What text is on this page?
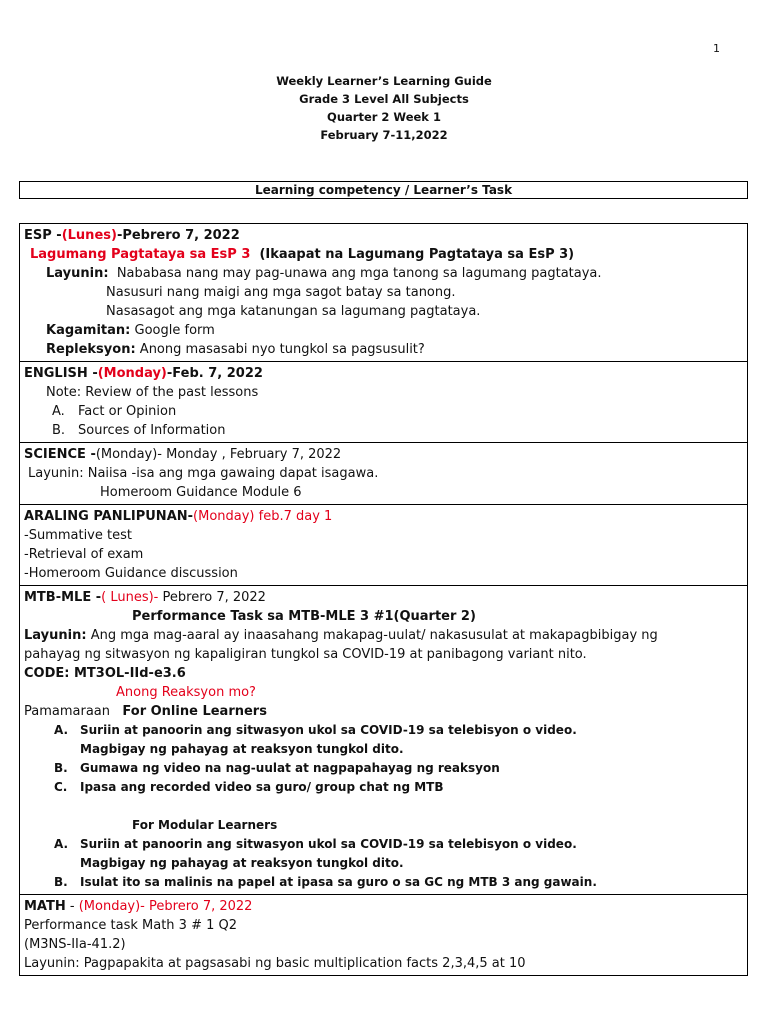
1
Weekly Learner’s Learning Guide
Grade 3 Level All Subjects
Quarter 2 Week 1
February 7-11,2022
Learning competency / Learner’s Task
ESP -(Lunes)-Pebrero 7, 2022
Lagumang Pagtataya sa EsP 3 (Ikaapat na Lagumang Pagtataya sa EsP 3)
Layunin: Nababasa nang may pag-unawa ang mga tanong sa lagumang pagtataya.
Nasusuri nang maigi ang mga sagot batay sa tanong.
Nasasagot ang mga katanungan sa lagumang pagtataya.
Kagamitan: Google form
Repleksyon: Anong masasabi nyo tungkol sa pagsusulit?

ENGLISH -(Monday)-Feb. 7, 2022
Note: Review of the past lessons
A. Fact or Opinion
B. Sources of Information

SCIENCE -(Monday)- Monday , February 7, 2022
Layunin: Naiisa -isa ang mga gawaing dapat isagawa.
Homeroom Guidance Module 6

ARALING PANLIPUNAN-(Monday) feb.7 day 1
-Summative test
-Retrieval of exam
-Homeroom Guidance discussion

MTB-MLE -( Lunes)- Pebrero 7, 2022
Performance Task sa MTB-MLE 3 #1(Quarter 2)
Layunin: Ang mga mag-aaral ay inaasahang makapag-uulat/ nakasusulat at makapagbibigay ng
pahayag ng sitwasyon ng kapaligiran tungkol sa COVID-19 at panibagong variant nito.
CODE: MT3OL-IId-e3.6
Anong Reaksyon mo?
Pamamaraan For Online Learners
A. Suriin at panoorin ang sitwasyon ukol sa COVID-19 sa telebisyon o video.
Magbigay ng pahayag at reaksyon tungkol dito.
B. Gumawa ng video na nag-uulat at nagpapahayag ng reaksyon
C. Ipasa ang recorded video sa guro/ group chat ng MTB
For Modular Learners
A. Suriin at panoorin ang sitwasyon ukol sa COVID-19 sa telebisyon o video.
Magbigay ng pahayag at reaksyon tungkol dito.
B. Isulat ito sa malinis na papel at ipasa sa guro o sa GC ng MTB 3 ang gawain.

MATH - (Monday)- Pebrero 7, 2022
Performance task Math 3 # 1 Q2
(M3NS-IIa-41.2)
Layunin: Pagpapakita at pagsasabi ng basic multiplication facts 2,3,4,5 at 10
